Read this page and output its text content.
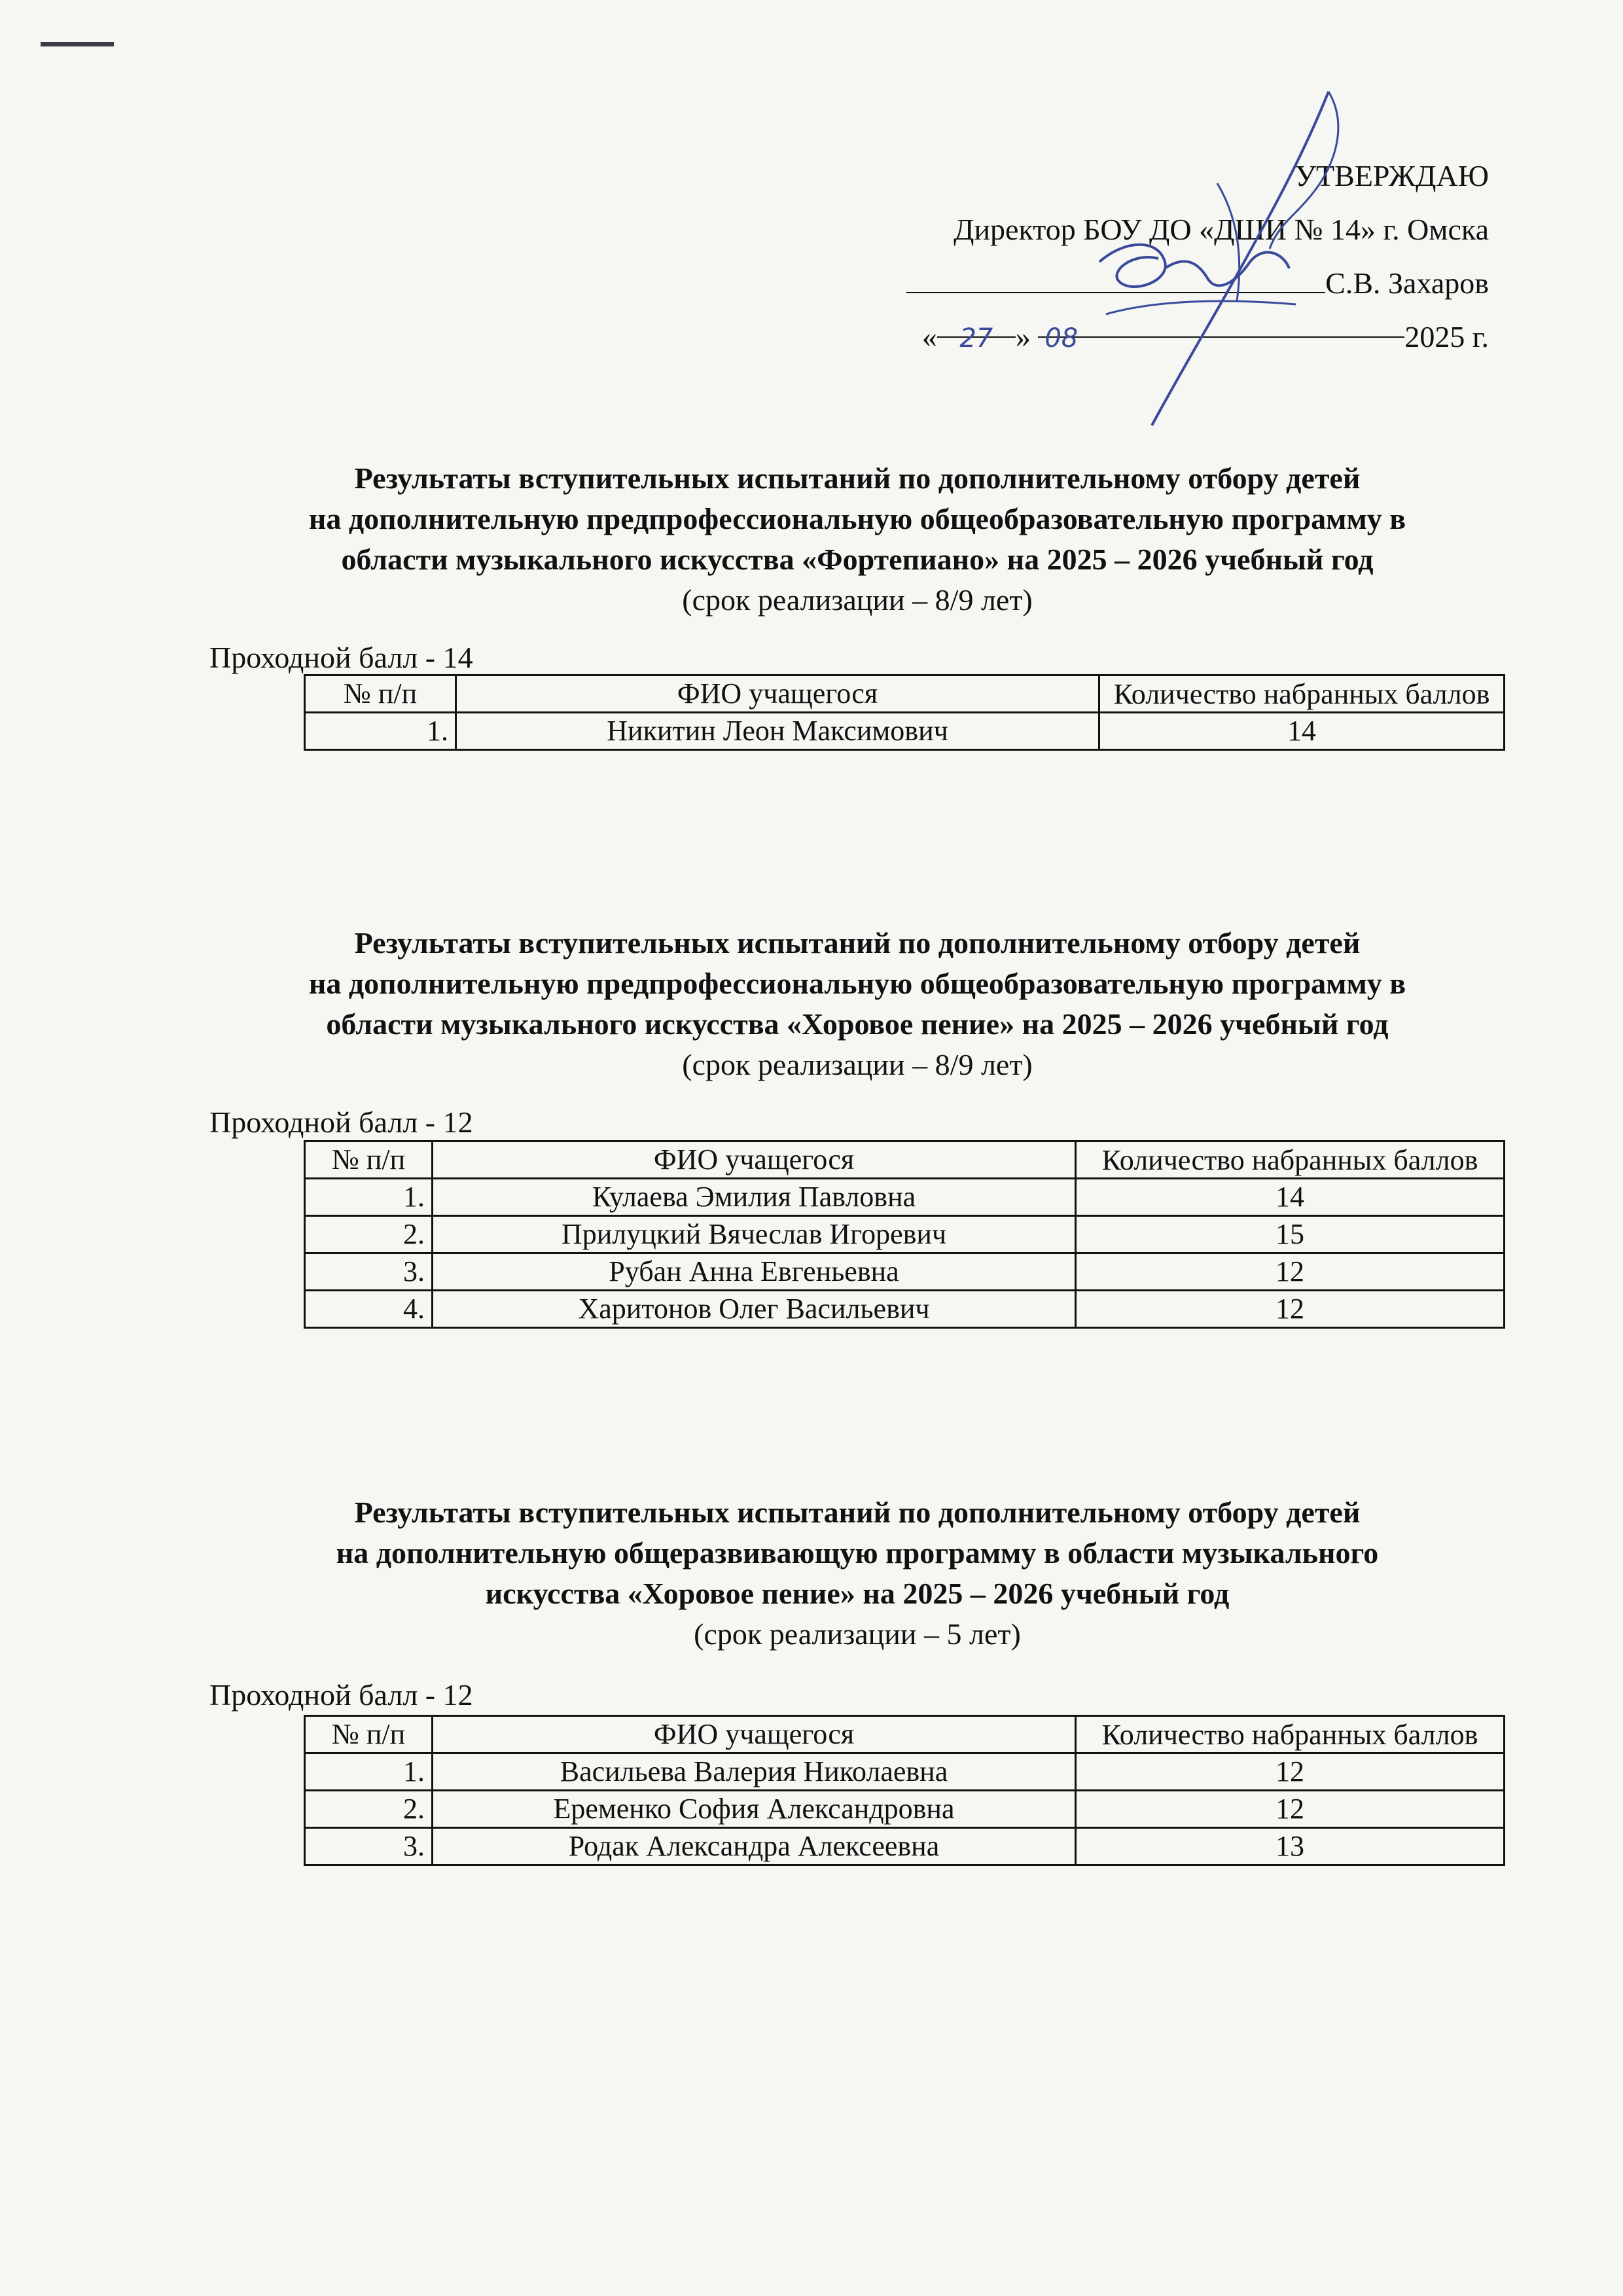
УТВЕРЖДАЮ
Директор БОУ ДО «ДШИ № 14» г. Омска
С.В. Захаров
« 27 » 08	2025 г.
Результаты вступительных испытаний по дополнительному отбору детей
на дополнительную предпрофессиональную общеобразовательную программу в
области музыкального искусства «Фортепиано» на 2025 – 2026 учебный год
(срок реализации – 8/9 лет)
Проходной балл - 14
№ п/п	ФИО учащегося	Количество набранных баллов
1.	Никитин Леон Максимович	14
Результаты вступительных испытаний по дополнительному отбору детей
на дополнительную предпрофессиональную общеобразовательную программу в
области музыкального искусства «Хоровое пение» на 2025 – 2026 учебный год
(срок реализации – 8/9 лет)
Проходной балл - 12
№ п/п	ФИО учащегося	Количество набранных баллов
1.	Кулаева Эмилия Павловна	14
2.	Прилуцкий Вячеслав Игоревич	15
3.	Рубан Анна Евгеньевна	12
4.	Харитонов Олег Васильевич	12
Результаты вступительных испытаний по дополнительному отбору детей
на дополнительную общеразвивающую программу в области музыкального
искусства «Хоровое пение» на 2025 – 2026 учебный год
(срок реализации – 5 лет)
Проходной балл - 12
№ п/п	ФИО учащегося	Количество набранных баллов
1.	Васильева Валерия Николаевна	12
2.	Еременко София Александровна	12
3.	Родак Александра Алексеевна	13
